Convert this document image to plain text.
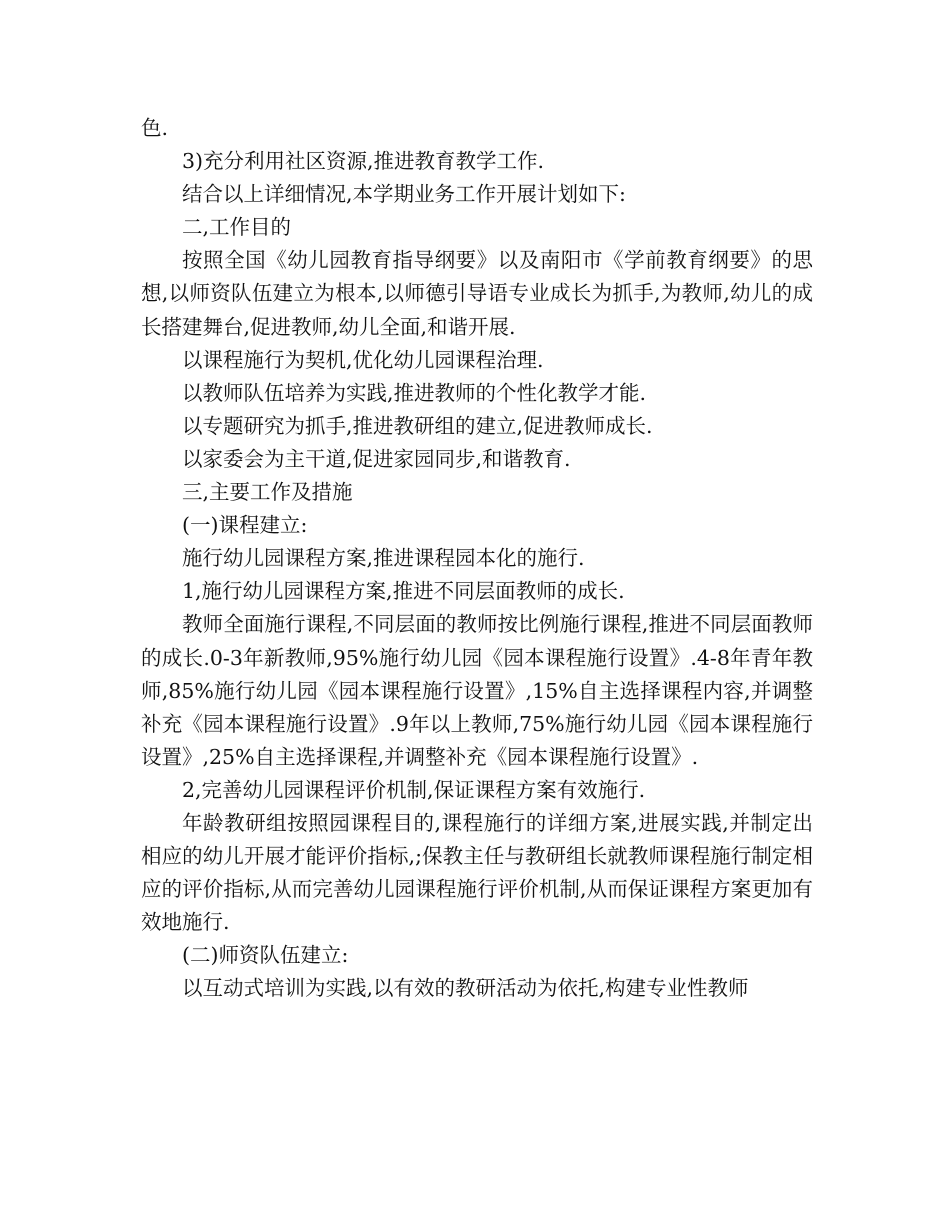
色.

3)充分利用社区资源,推进教育教学工作.

结合以上详细情况,本学期业务工作开展计划如下:

二,工作目的

按照全国《幼儿园教育指导纲要》以及南阳市《学前教育纲要》的思想,以师资队伍建立为根本,以师德引导语专业成长为抓手,为教师,幼儿的成长搭建舞台,促进教师,幼儿全面,和谐开展.

以课程施行为契机,优化幼儿园课程治理.

以教师队伍培养为实践,推进教师的个性化教学才能.

以专题研究为抓手,推进教研组的建立,促进教师成长.

以家委会为主干道,促进家园同步,和谐教育.

三,主要工作及措施

(一)课程建立:

施行幼儿园课程方案,推进课程园本化的施行.

1,施行幼儿园课程方案,推进不同层面教师的成长.

教师全面施行课程,不同层面的教师按比例施行课程,推进不同层面教师的成长.0-3年新教师,95%施行幼儿园《园本课程施行设置》.4-8年青年教师,85%施行幼儿园《园本课程施行设置》,15%自主选择课程内容,并调整补充《园本课程施行设置》.9年以上教师,75%施行幼儿园《园本课程施行设置》,25%自主选择课程,并调整补充《园本课程施行设置》.

2,完善幼儿园课程评价机制,保证课程方案有效施行.

年龄教研组按照园课程目的,课程施行的详细方案,进展实践,并制定出相应的幼儿开展才能评价指标,;保教主任与教研组长就教师课程施行制定相应的评价指标,从而完善幼儿园课程施行评价机制,从而保证课程方案更加有效地施行.

(二)师资队伍建立:

以互动式培训为实践,以有效的教研活动为依托,构建专业性教师
